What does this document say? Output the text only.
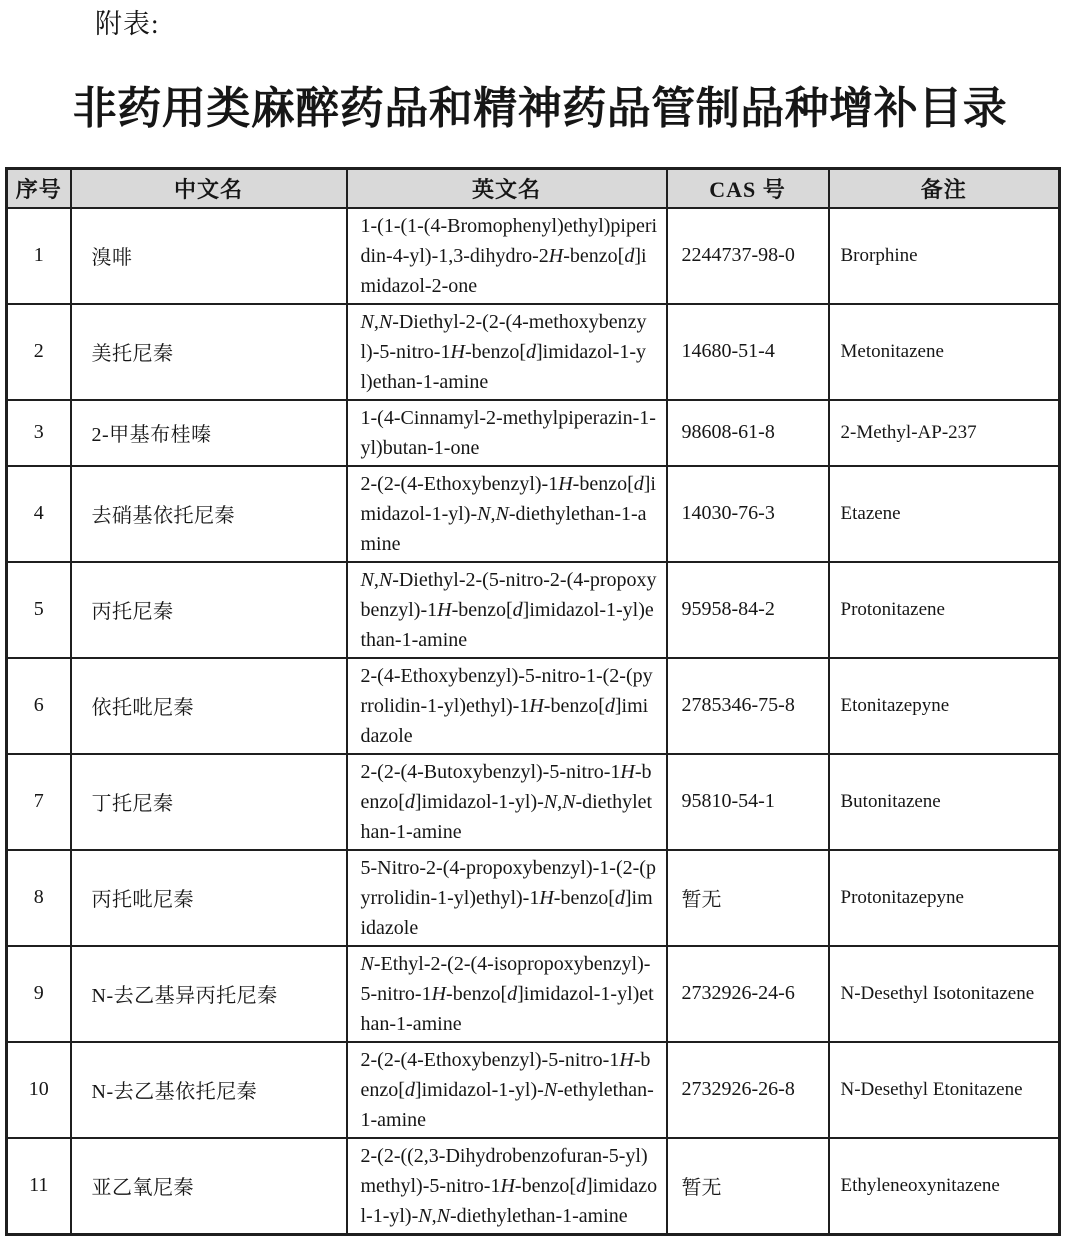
附表:
非药用类麻醉药品和精神药品管制品种增补目录
序号	中文名	英文名	CAS 号	备注
1	溴啡	1-(1-(1-(4-Bromophenyl)ethyl)piperidin-4-yl)-1,3-dihydro-2H-benzo[d]imidazol-2-one	2244737-98-0	Brorphine
2	美托尼秦	N,N-Diethyl-2-(2-(4-methoxybenzyl)-5-nitro-1H-benzo[d]imidazol-1-yl)ethan-1-amine	14680-51-4	Metonitazene
3	2-甲基布桂嗪	1-(4-Cinnamyl-2-methylpiperazin-1-yl)butan-1-one	98608-61-8	2-Methyl-AP-237
4	去硝基依托尼秦	2-(2-(4-Ethoxybenzyl)-1H-benzo[d]imidazol-1-yl)-N,N-diethylethan-1-amine	14030-76-3	Etazene
5	丙托尼秦	N,N-Diethyl-2-(5-nitro-2-(4-propoxybenzyl)-1H-benzo[d]imidazol-1-yl)ethan-1-amine	95958-84-2	Protonitazene
6	依托吡尼秦	2-(4-Ethoxybenzyl)-5-nitro-1-(2-(pyrrolidin-1-yl)ethyl)-1H-benzo[d]imidazole	2785346-75-8	Etonitazepyne
7	丁托尼秦	2-(2-(4-Butoxybenzyl)-5-nitro-1H-benzo[d]imidazol-1-yl)-N,N-diethylethan-1-amine	95810-54-1	Butonitazene
8	丙托吡尼秦	5-Nitro-2-(4-propoxybenzyl)-1-(2-(pyrrolidin-1-yl)ethyl)-1H-benzo[d]imidazole	暂无	Protonitazepyne
9	N-去乙基异丙托尼秦	N-Ethyl-2-(2-(4-isopropoxybenzyl)-5-nitro-1H-benzo[d]imidazol-1-yl)ethan-1-amine	2732926-24-6	N-Desethyl Isotonitazene
10	N-去乙基依托尼秦	2-(2-(4-Ethoxybenzyl)-5-nitro-1H-benzo[d]imidazol-1-yl)-N-ethylethan-1-amine	2732926-26-8	N-Desethyl Etonitazene
11	亚乙氧尼秦	2-(2-((2,3-Dihydrobenzofuran-5-yl)methyl)-5-nitro-1H-benzo[d]imidazol-1-yl)-N,N-diethylethan-1-amine	暂无	Ethyleneoxynitazene
